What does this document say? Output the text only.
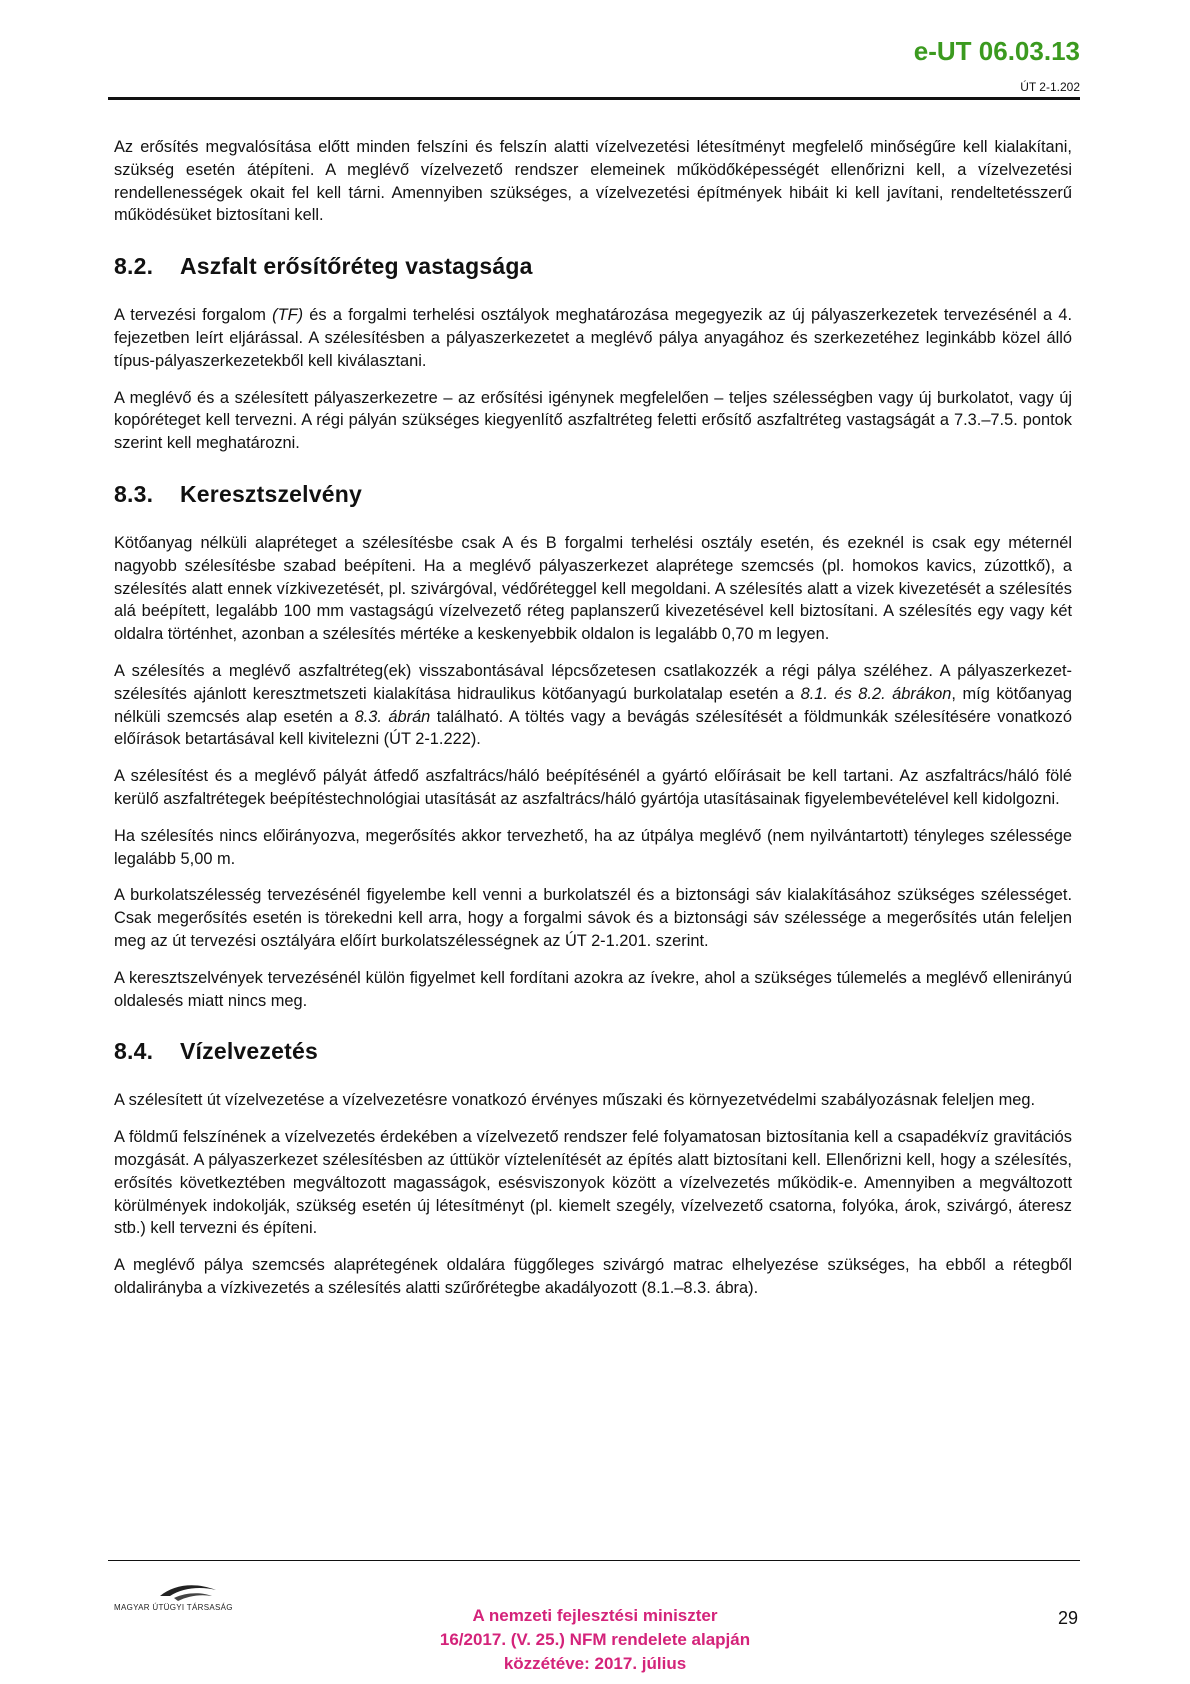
e-UT 06.03.13
ÚT 2-1.202

Az erősítés megvalósítása előtt minden felszíni és felszín alatti vízelvezetési létesítményt megfelelő minőségűre kell kialakítani, szükség esetén átépíteni. A meglévő vízelvezető rendszer elemeinek működőképességét ellenőrizni kell, a vízelvezetési rendellenességek okait fel kell tárni. Amennyiben szükséges, a vízelvezetési építmények hibáit ki kell javítani, rendeltetésszerű működésüket biztosítani kell.

8.2.	Aszfalt erősítőréteg vastagsága

A tervezési forgalom (TF) és a forgalmi terhelési osztályok meghatározása megegyezik az új pályaszerkezetek tervezésénél a 4. fejezetben leírt eljárással. A szélesítésben a pályaszerkezetet a meglévő pálya anyagához és szerkezetéhez leginkább közel álló típus-pályaszerkezetekből kell kiválasztani.

A meglévő és a szélesített pályaszerkezetre – az erősítési igénynek megfelelően – teljes szélességben vagy új burkolatot, vagy új kopóréteget kell tervezni. A régi pályán szükséges kiegyenlítő aszfaltréteg feletti erősítő aszfaltréteg vastagságát a 7.3.–7.5. pontok szerint kell meghatározni.

8.3.	Keresztszelvény

Kötőanyag nélküli alapréteget a szélesítésbe csak A és B forgalmi terhelési osztály esetén, és ezeknél is csak egy méternél nagyobb szélesítésbe szabad beépíteni. Ha a meglévő pályaszerkezet alaprétege szemcsés (pl. homokos kavics, zúzottkő), a szélesítés alatt ennek vízkivezetését, pl. szivárgóval, védőréteggel kell megoldani. A szélesítés alatt a vizek kivezetését a szélesítés alá beépített, legalább 100 mm vastagságú vízelvezető réteg paplanszerű kivezetésével kell biztosítani. A szélesítés egy vagy két oldalra történhet, azonban a szélesítés mértéke a keskenyebbik oldalon is legalább 0,70 m legyen.

A szélesítés a meglévő aszfaltréteg(ek) visszabontásával lépcsőzetesen csatlakozzék a régi pálya széléhez. A pályaszerkezet-szélesítés ajánlott keresztmetszeti kialakítása hidraulikus kötőanyagú burkolatalap esetén a 8.1. és 8.2. ábrákon, míg kötőanyag nélküli szemcsés alap esetén a 8.3. ábrán található. A töltés vagy a bevágás szélesítését a földmunkák szélesítésére vonatkozó előírások betartásával kell kivitelezni (ÚT 2-1.222).

A szélesítést és a meglévő pályát átfedő aszfaltrács/háló beépítésénél a gyártó előírásait be kell tartani. Az aszfaltrács/háló fölé kerülő aszfaltrétegek beépítéstechnológiai utasítását az aszfaltrács/háló gyártója utasításainak figyelembevételével kell kidolgozni.

Ha szélesítés nincs előirányozva, megerősítés akkor tervezhető, ha az útpálya meglévő (nem nyilvántartott) tényleges szélessége legalább 5,00 m.

A burkolatszélesség tervezésénél figyelembe kell venni a burkolatszél és a biztonsági sáv kialakításához szükséges szélességet. Csak megerősítés esetén is törekedni kell arra, hogy a forgalmi sávok és a biztonsági sáv szélessége a megerősítés után feleljen meg az út tervezési osztályára előírt burkolatszélességnek az ÚT 2-1.201. szerint.

A keresztszelvények tervezésénél külön figyelmet kell fordítani azokra az ívekre, ahol a szükséges túlemelés a meglévő ellenirányú oldalesés miatt nincs meg.

8.4.	Vízelvezetés

A szélesített út vízelvezetése a vízelvezetésre vonatkozó érvényes műszaki és környezetvédelmi szabályozásnak feleljen meg.

A földmű felszínének a vízelvezetés érdekében a vízelvezető rendszer felé folyamatosan biztosítania kell a csapadékvíz gravitációs mozgását. A pályaszerkezet szélesítésben az úttükör víztelenítését az építés alatt biztosítani kell. Ellenőrizni kell, hogy a szélesítés, erősítés következtében megváltozott magasságok, esésviszonyok között a vízelvezetés működik-e. Amennyiben a megváltozott körülmények indokolják, szükség esetén új létesítményt (pl. kiemelt szegély, vízelvezető csatorna, folyóka, árok, szivárgó, áteresz stb.) kell tervezni és építeni.

A meglévő pálya szemcsés alaprétegének oldalára függőleges szivárgó matrac elhelyezése szükséges, ha ebből a rétegből oldalirányba a vízkivezetés a szélesítés alatti szűrőrétegbe akadályozott (8.1.–8.3. ábra).

MAGYAR ÚTÜGYI TÁRSASÁG	A nemzeti fejlesztési miniszter
16/2017. (V. 25.) NFM rendelete alapján
közzétéve: 2017. július
29
